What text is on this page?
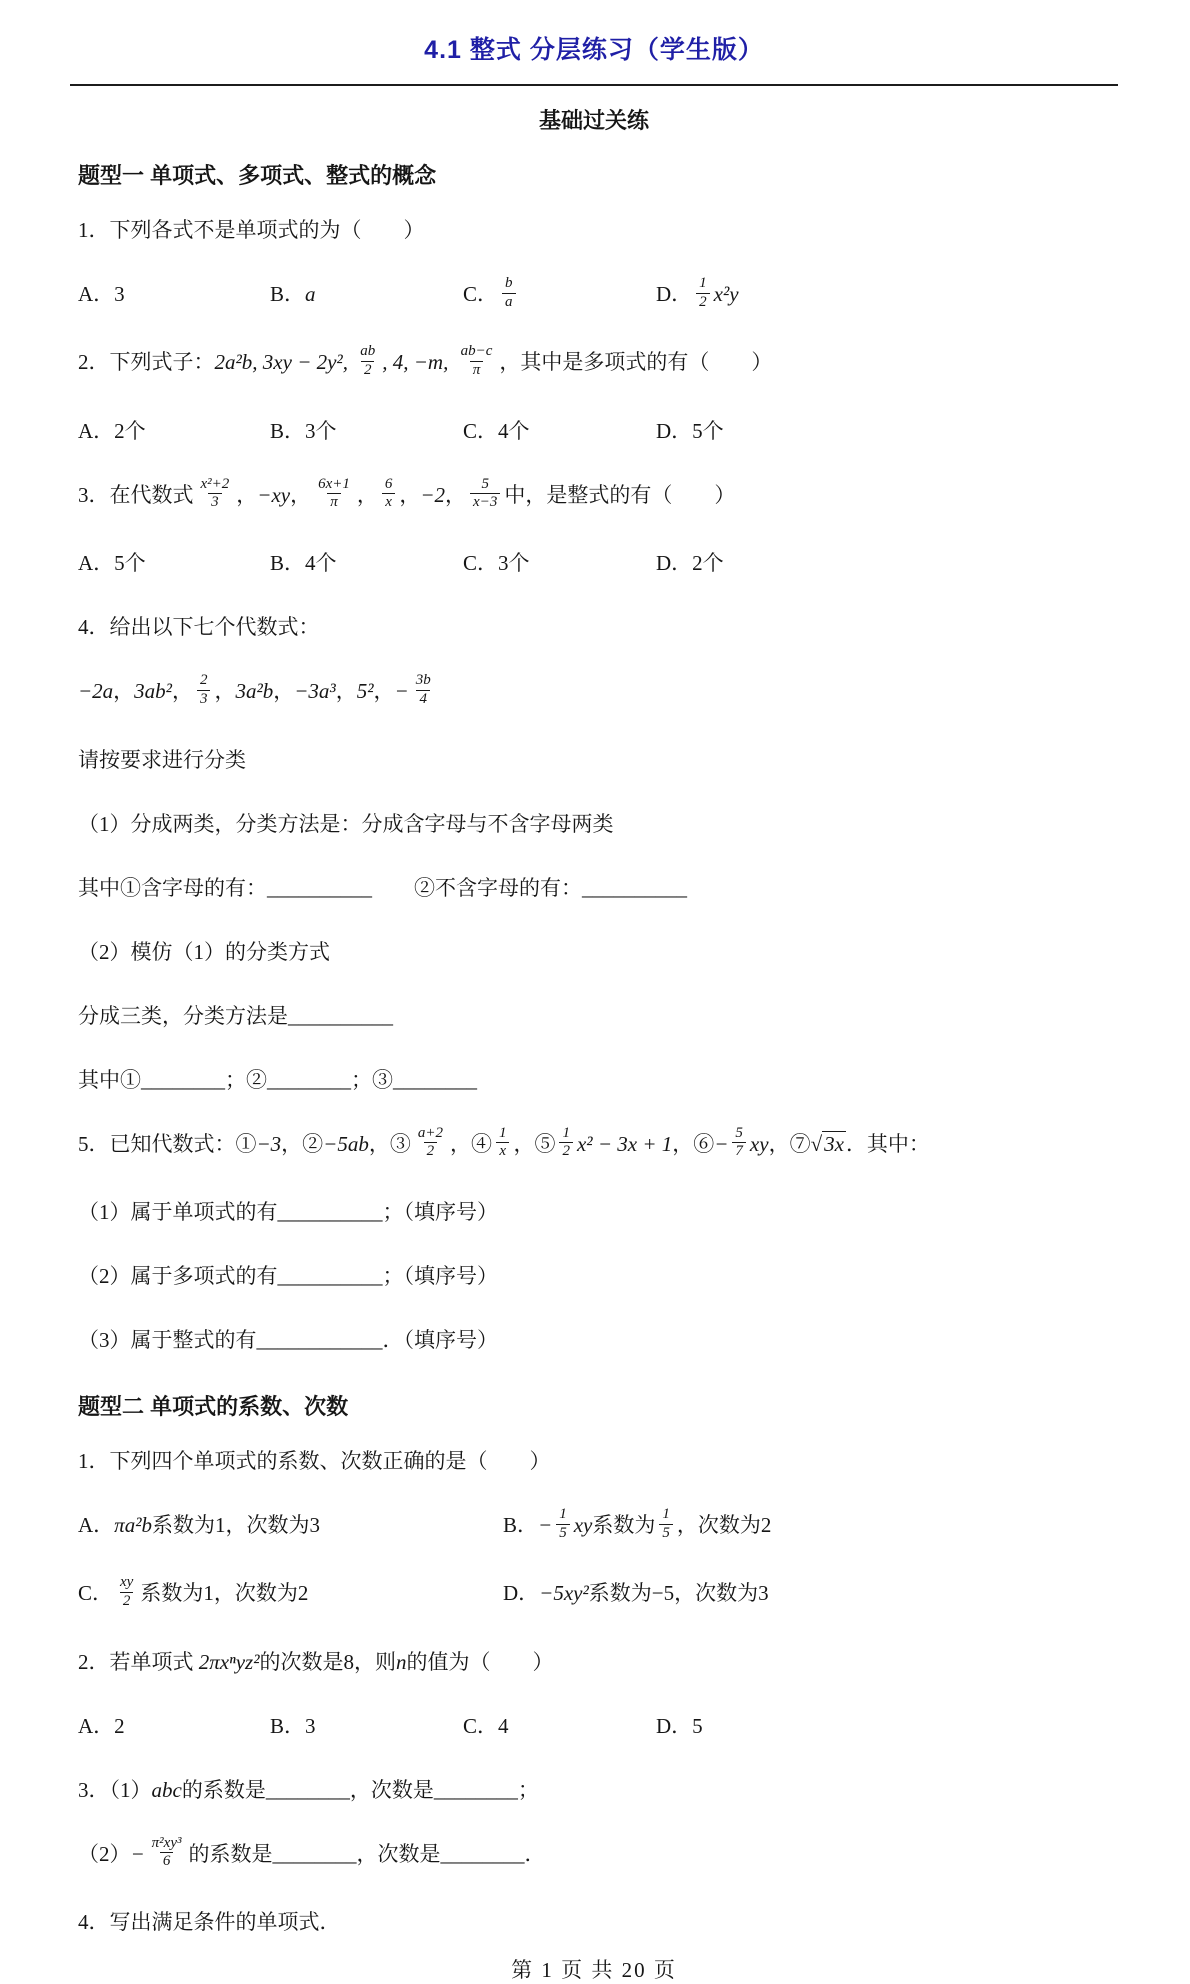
4.1 整式 分层练习（学生版）
基础过关练
题型一 单项式、多项式、整式的概念
1．下列各式不是单项式的为（　　）
A．3	B．a	C． $\frac{b}{a}$	D． $\frac{1}{2} x^2y$
2．下列式子：2a²b, 3xy − 2y², $\frac{ab}{2}$ , 4, −m, $\frac{ab-c}{\pi}$ ，其中是多项式的有（　　）
A．2个	B．3个	C．4个	D．5个
3．在代数式 $\frac{\text{x²+2}}{3}$ ，−xy， $\frac{6x+1}{\pi}$ ， $\frac{6}{x}$ ，−2， $\frac{5}{x-3}$ 中，是整式的有（　　）
A．5个	B．4个	C．3个	D．2个
4．给出以下七个代数式：
−2a，3ab²， $\frac{2}{3}$ ，3a²b，−3a³，5²，− $\frac{3b}{4}$
请按要求进行分类
（1）分成两类，分类方法是：分成含字母与不含字母两类
其中①含字母的有：__________　　②不含字母的有：__________
（2）模仿（1）的分类方式
分成三类，分类方法是__________
其中①________；②________；③________
5．已知代数式：①−3，②−5ab，③ $\frac{a+2}{2}$ ，④ $\frac{1}{x}$ ，⑤ $\frac{1}{2} x^2 - 3x + 1$，⑥− $\frac{5}{7}$ xy，⑦√3x．其中：
（1）属于单项式的有__________；（填序号）
（2）属于多项式的有__________；（填序号）
（3）属于整式的有____________．（填序号）
题型二 单项式的系数、次数
1．下列四个单项式的系数、次数正确的是（　　）
A．πa²b系数为1，次数为3	B．− $\frac{1}{5}$ xy系数为 $\frac{1}{5}$ ，次数为2
C． $\frac{xy}{2}$ 系数为1，次数为2	D．−5xy²系数为−5，次数为3
2．若单项式 2πxⁿyz²的次数是8，则n的值为（　　）
A．2	B．3	C．4	D．5
3．（1）abc的系数是________，次数是________；
$(2)- \frac{\text{π²xy³}}{6}$ 的系数是________，次数是________．
4．写出满足条件的单项式．
第 1 页 共 20 页
